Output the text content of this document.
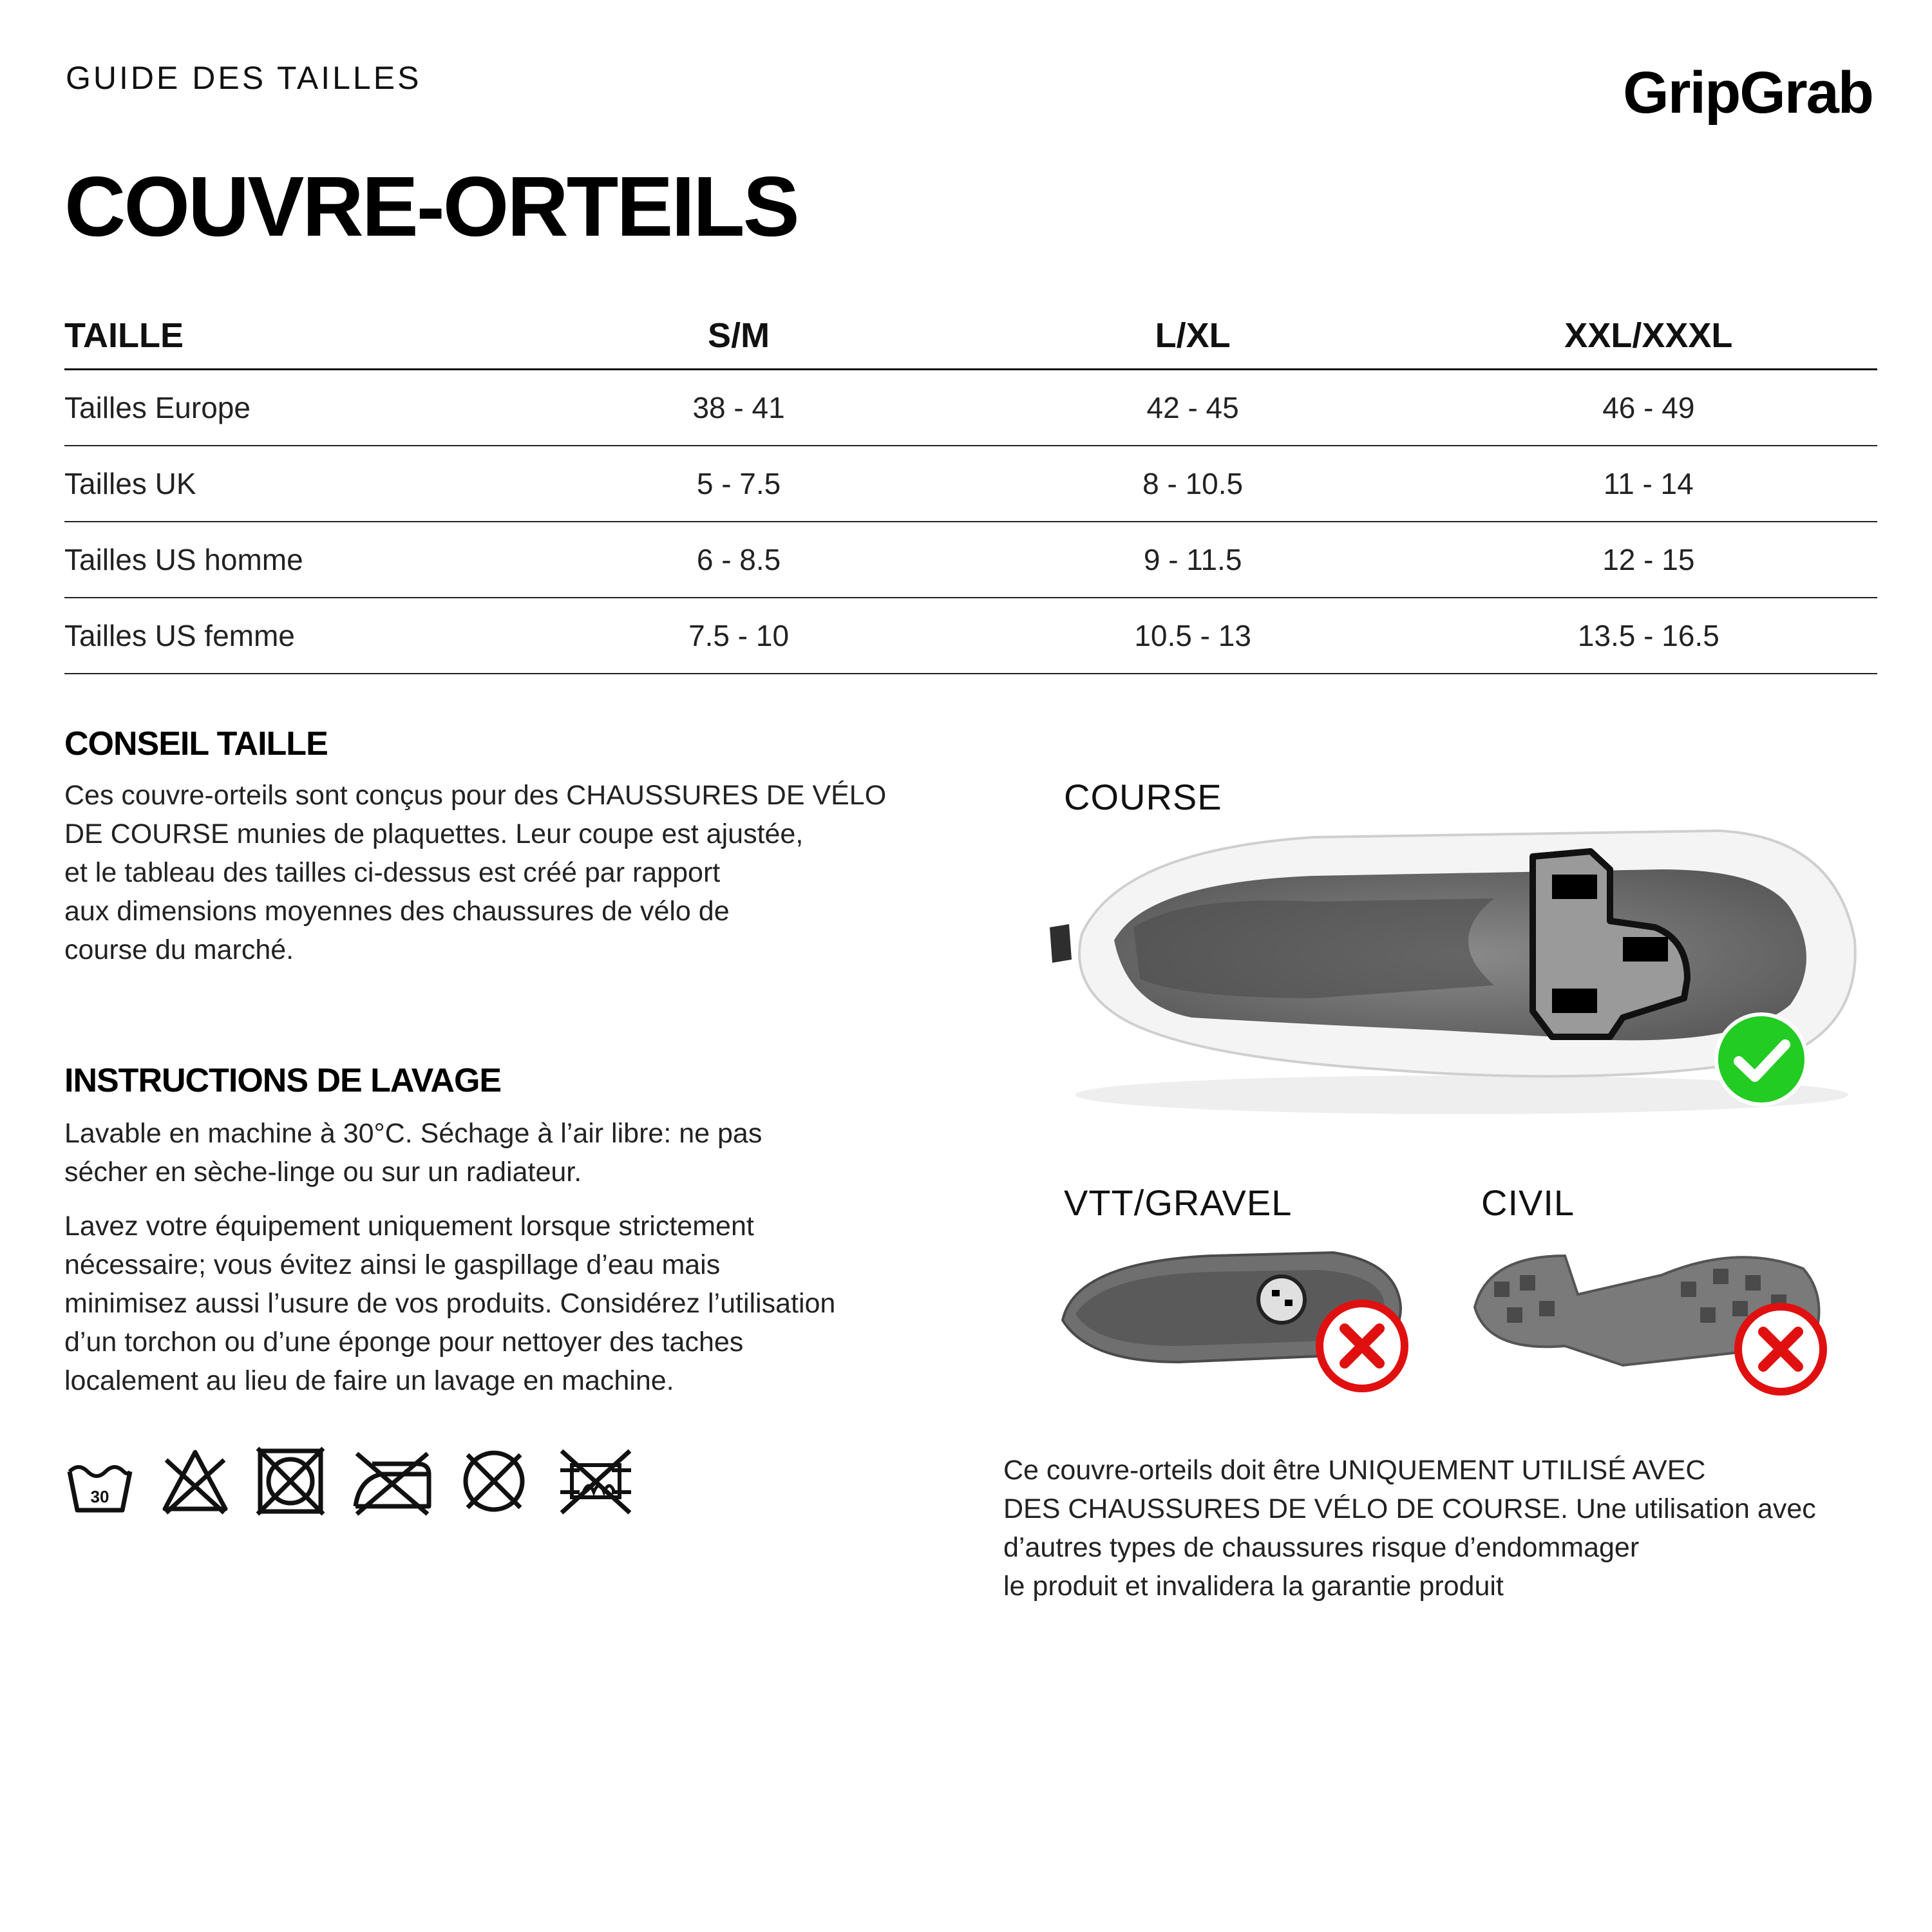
GUIDE DES TAILLES	GripGrab
COUVRE-ORTEILS
TAILLE	S/M	L/XL	XXL/XXXL
Tailles Europe	38 - 41	42 - 45	46 - 49
Tailles UK	5 - 7.5	8 - 10.5	11 - 14
Tailles US homme	6 - 8.5	9 - 11.5	12 - 15
Tailles US femme	7.5 - 10	10.5 - 13	13.5 - 16.5
CONSEIL TAILLE
Ces couvre-orteils sont conçus pour des CHAUSSURES DE VÉLO
DE COURSE munies de plaquettes. Leur coupe est ajustée,
et le tableau des tailles ci-dessus est créé par rapport
aux dimensions moyennes des chaussures de vélo de
course du marché.
INSTRUCTIONS DE LAVAGE
Lavable en machine à 30°C. Séchage à l’air libre: ne pas
sécher en sèche-linge ou sur un radiateur.
Lavez votre équipement uniquement lorsque strictement
nécessaire; vous évitez ainsi le gaspillage d’eau mais
minimisez aussi l’usure de vos produits. Considérez l’utilisation
d’un torchon ou d’une éponge pour nettoyer des taches
localement au lieu de faire un lavage en machine.
30
COURSE
VTT/GRAVEL	CIVIL
Ce couvre-orteils doit être UNIQUEMENT UTILISÉ AVEC
DES CHAUSSURES DE VÉLO DE COURSE. Une utilisation avec
d’autres types de chaussures risque d’endommager
le produit et invalidera la garantie produit
